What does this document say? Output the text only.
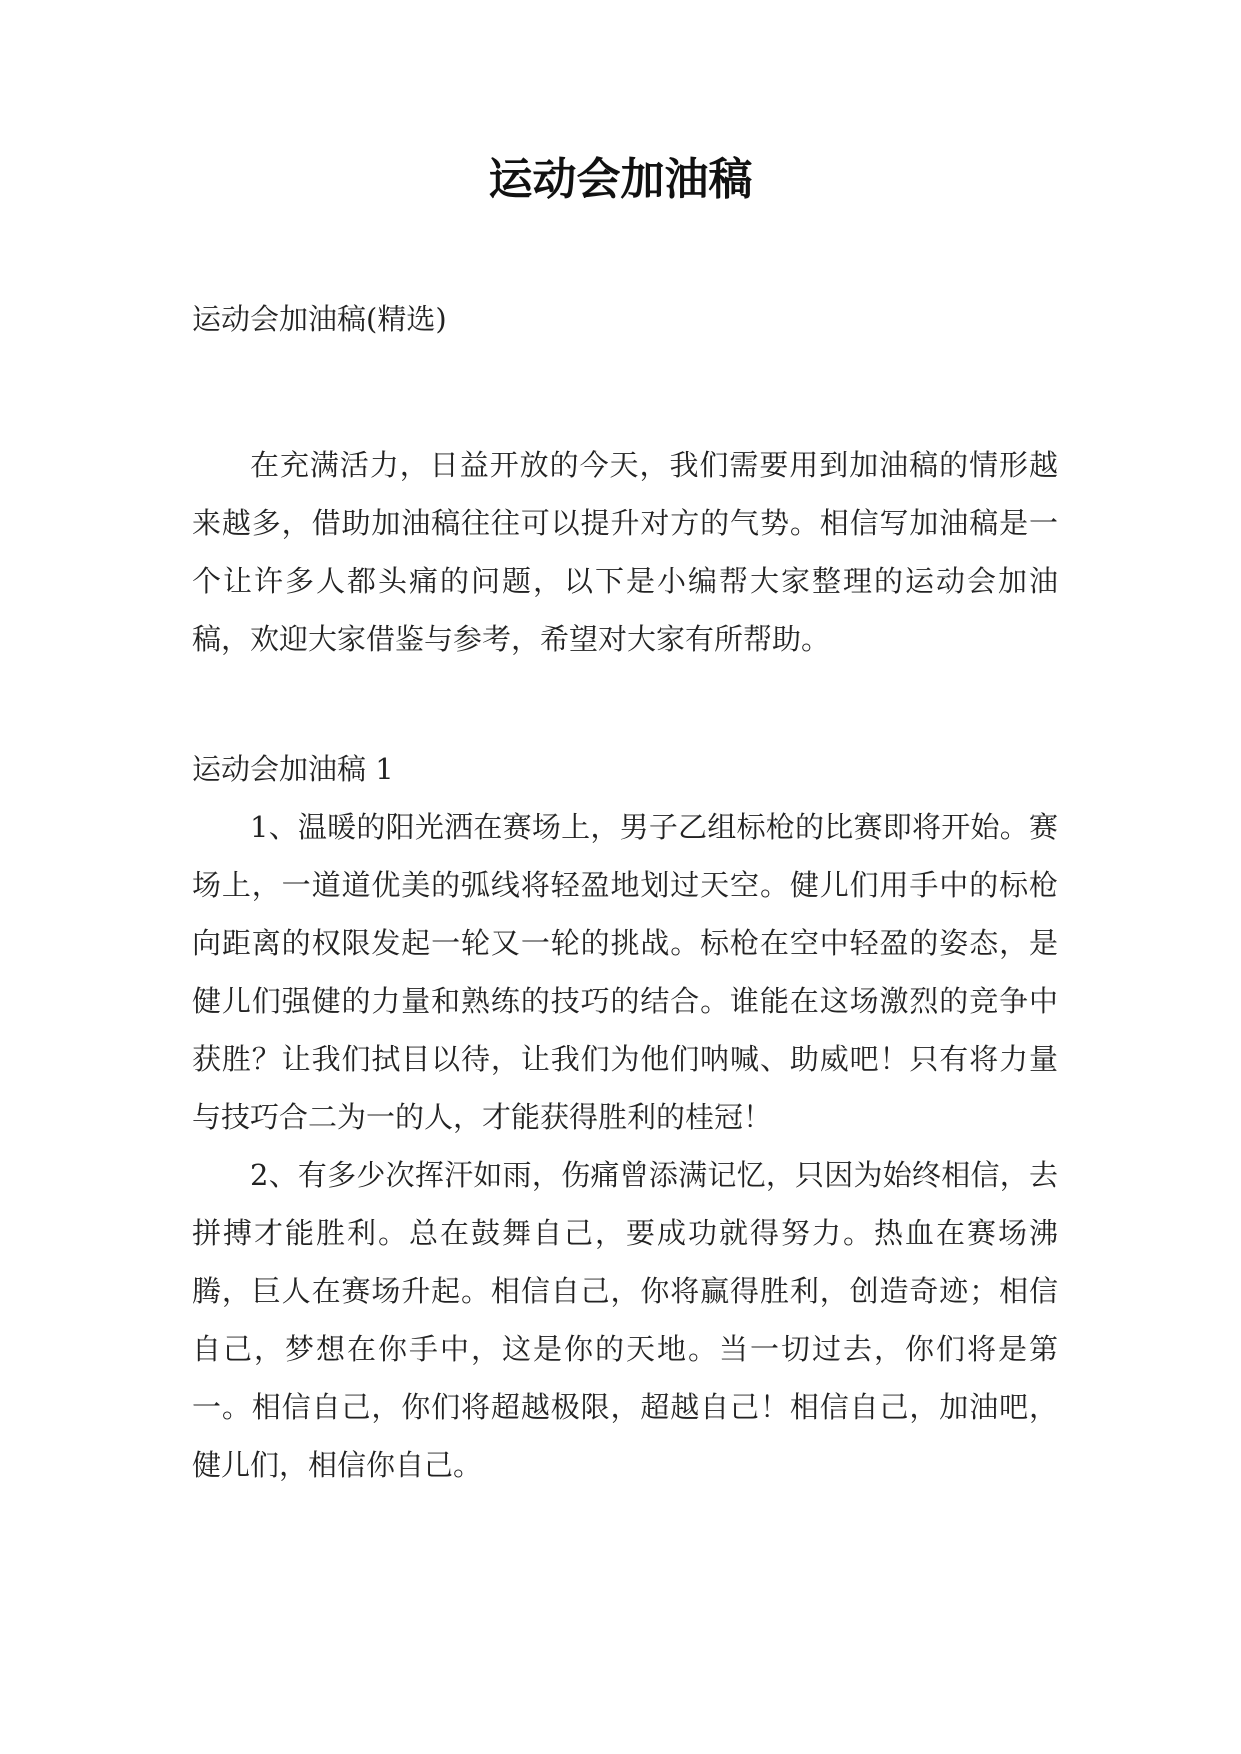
运动会加油稿
运动会加油稿(精选)

在充满活力，日益开放的今天，我们需要用到加油稿的情形越来越多，借助加油稿往往可以提升对方的气势。相信写加油稿是一个让许多人都头痛的问题，以下是小编帮大家整理的运动会加油稿，欢迎大家借鉴与参考，希望对大家有所帮助。

运动会加油稿 1

1、温暖的阳光洒在赛场上，男子乙组标枪的比赛即将开始。赛场上，一道道优美的弧线将轻盈地划过天空。健儿们用手中的标枪向距离的权限发起一轮又一轮的挑战。标枪在空中轻盈的姿态，是健儿们强健的力量和熟练的技巧的结合。谁能在这场激烈的竞争中获胜？让我们拭目以待，让我们为他们呐喊、助威吧！只有将力量与技巧合二为一的人，才能获得胜利的桂冠！

2、有多少次挥汗如雨，伤痛曾添满记忆，只因为始终相信，去拼搏才能胜利。总在鼓舞自己，要成功就得努力。热血在赛场沸腾，巨人在赛场升起。相信自己，你将赢得胜利，创造奇迹；相信自己，梦想在你手中，这是你的天地。当一切过去，你们将是第一。相信自己，你们将超越极限，超越自己！相信自己，加油吧，健儿们，相信你自己。
